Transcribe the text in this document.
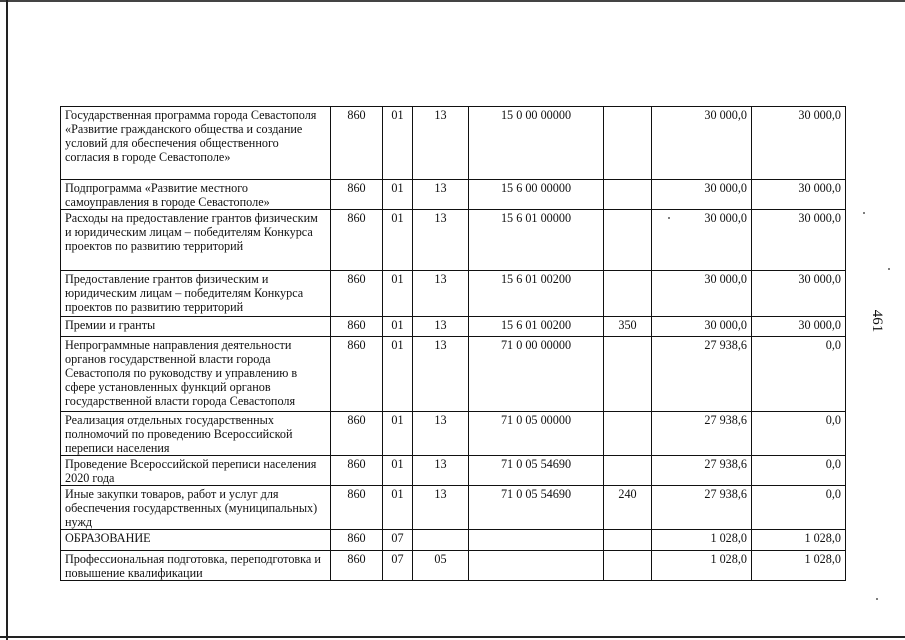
461
Государственная программа города Севастополя «Развитие гражданского общества и создание условий для обеспечения общественного согласия в городе Севастополе»	860	01	13	15 0 00 00000		30 000,0	30 000,0
Подпрограмма «Развитие местного самоуправления в городе Севастополе»	860	01	13	15 6 00 00000		30 000,0	30 000,0
Расходы на предоставление грантов физическим и юридическим лицам – победителям Конкурса проектов по развитию территорий	860	01	13	15 6 01 00000		30 000,0	30 000,0
Предоставление грантов физическим и юридическим лицам – победителям Конкурса проектов по развитию территорий	860	01	13	15 6 01 00200		30 000,0	30 000,0
Премии и гранты	860	01	13	15 6 01 00200	350	30 000,0	30 000,0
Непрограммные направления деятельности органов государственной власти города Севастополя по руководству и управлению в сфере установленных функций органов государственной власти города Севастополя	860	01	13	71 0 00 00000		27 938,6	0,0
Реализация отдельных государственных полномочий по проведению Всероссийской переписи населения	860	01	13	71 0 05 00000		27 938,6	0,0
Проведение Всероссийской переписи населения 2020 года	860	01	13	71 0 05 54690		27 938,6	0,0
Иные закупки товаров, работ и услуг для обеспечения государственных (муниципальных) нужд	860	01	13	71 0 05 54690	240	27 938,6	0,0
ОБРАЗОВАНИЕ	860	07				1 028,0	1 028,0
Профессиональная подготовка, переподготовка и повышение квалификации	860	07	05			1 028,0	1 028,0
